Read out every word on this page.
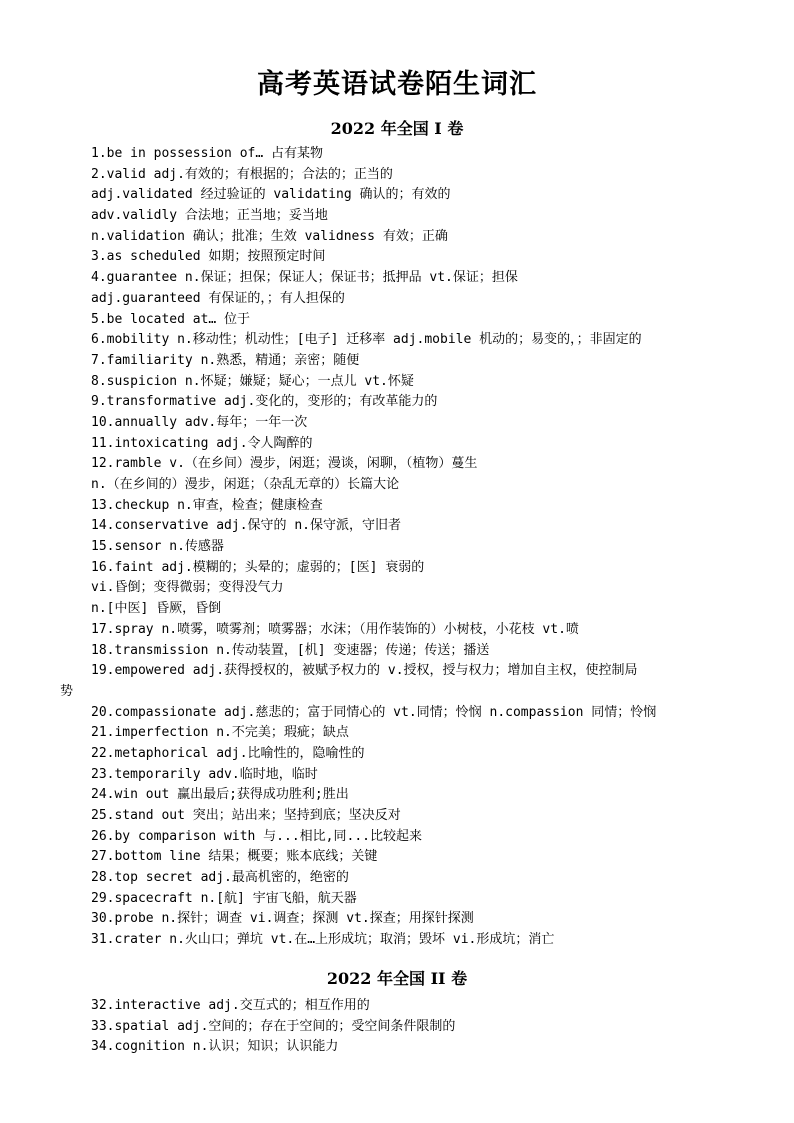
高考英语试卷陌生词汇
2022 年全国 I 卷
1.be in possession of… 占有某物
2.valid adj.有效的；有根据的；合法的；正当的
adj.validated 经过验证的 validating 确认的；有效的
adv.validly 合法地；正当地；妥当地
n.validation 确认；批准；生效 validness 有效；正确
3.as scheduled 如期；按照预定时间
4.guarantee n.保证；担保；保证人；保证书；抵押品 vt.保证；担保
adj.guaranteed 有保证的，；有人担保的
5.be located at… 位于
6.mobility n.移动性；机动性；[电子] 迁移率 adj.mobile 机动的；易变的，；非固定的
7.familiarity n.熟悉，精通；亲密；随便
8.suspicion n.怀疑；嫌疑；疑心；一点儿 vt.怀疑
9.transformative adj.变化的，变形的；有改革能力的
10.annually adv.每年；一年一次
11.intoxicating adj.令人陶醉的
12.ramble v.（在乡间）漫步，闲逛；漫谈，闲聊，（植物）蔓生
n.（在乡间的）漫步，闲逛；（杂乱无章的）长篇大论
13.checkup n.审查，检查；健康检查
14.conservative adj.保守的 n.保守派，守旧者
15.sensor n.传感器
16.faint adj.模糊的；头晕的；虚弱的；[医] 衰弱的
vi.昏倒；变得微弱；变得没气力
n.[中医] 昏厥，昏倒
17.spray n.喷雾，喷雾剂；喷雾器；水沫；（用作装饰的）小树枝，小花枝 vt.喷
18.transmission n.传动装置，[机] 变速器；传递；传送；播送
19.empowered adj.获得授权的，被赋予权力的 v.授权，授与权力；增加自主权，使控制局
势
20.compassionate adj.慈悲的；富于同情心的 vt.同情；怜悯 n.compassion 同情；怜悯
21.imperfection n.不完美；瑕疵；缺点
22.metaphorical adj.比喻性的，隐喻性的
23.temporarily adv.临时地，临时
24.win out 赢出最后;获得成功胜利;胜出
25.stand out 突出；站出来；坚持到底；坚决反对
26.by comparison with 与...相比,同...比较起来
27.bottom line 结果；概要；账本底线；关键
28.top secret adj.最高机密的，绝密的
29.spacecraft n.[航] 宇宙飞船，航天器
30.probe n.探针；调查 vi.调查；探测 vt.探查；用探针探测
31.crater n.火山口；弹坑 vt.在…上形成坑；取消；毁坏 vi.形成坑；消亡
2022 年全国 II 卷
32.interactive adj.交互式的；相互作用的
33.spatial adj.空间的；存在于空间的；受空间条件限制的
34.cognition n.认识；知识；认识能力
